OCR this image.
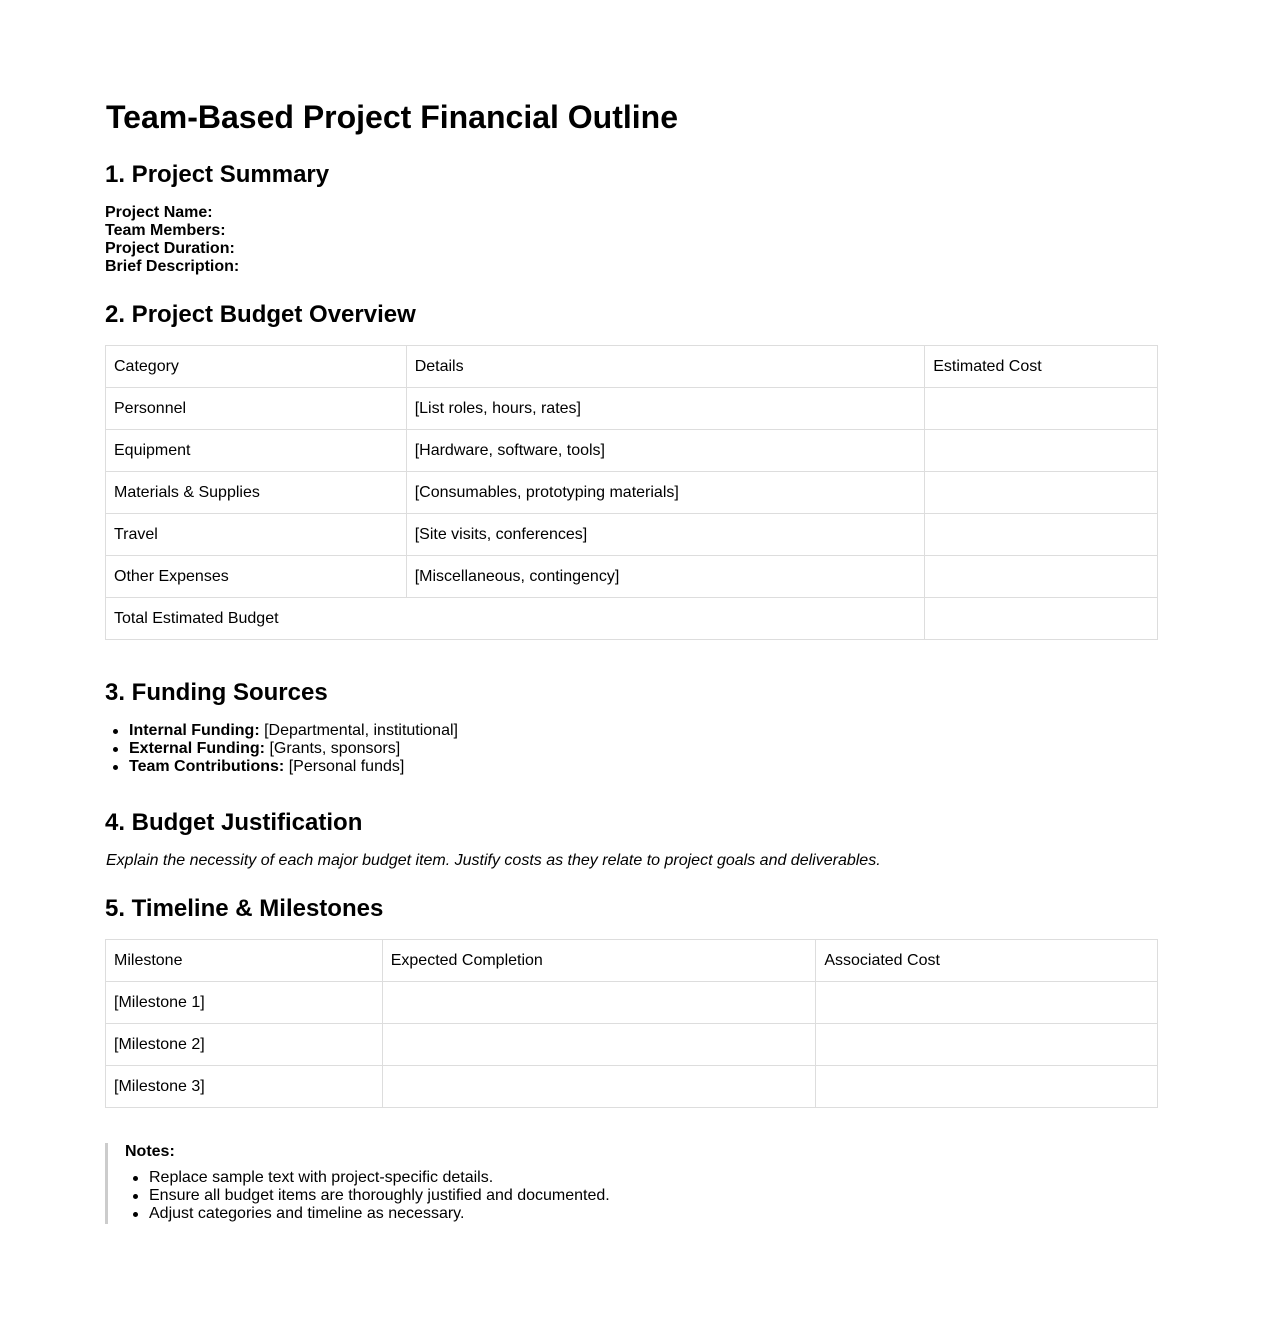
Team-Based Project Financial Outline
1. Project Summary
Project Name:
Team Members:
Project Duration:
Brief Description:
2. Project Budget Overview
Category	Details	Estimated Cost
Personnel	[List roles, hours, rates]	
Equipment	[Hardware, software, tools]	
Materials & Supplies	[Consumables, prototyping materials]	
Travel	[Site visits, conferences]	
Other Expenses	[Miscellaneous, contingency]	
Total Estimated Budget		
3. Funding Sources
Internal Funding: [Departmental, institutional]
External Funding: [Grants, sponsors]
Team Contributions: [Personal funds]
4. Budget Justification
Explain the necessity of each major budget item. Justify costs as they relate to project goals and deliverables.
5. Timeline & Milestones
Milestone	Expected Completion	Associated Cost
[Milestone 1]		
[Milestone 2]		
[Milestone 3]		
Notes:
Replace sample text with project-specific details.
Ensure all budget items are thoroughly justified and documented.
Adjust categories and timeline as necessary.
